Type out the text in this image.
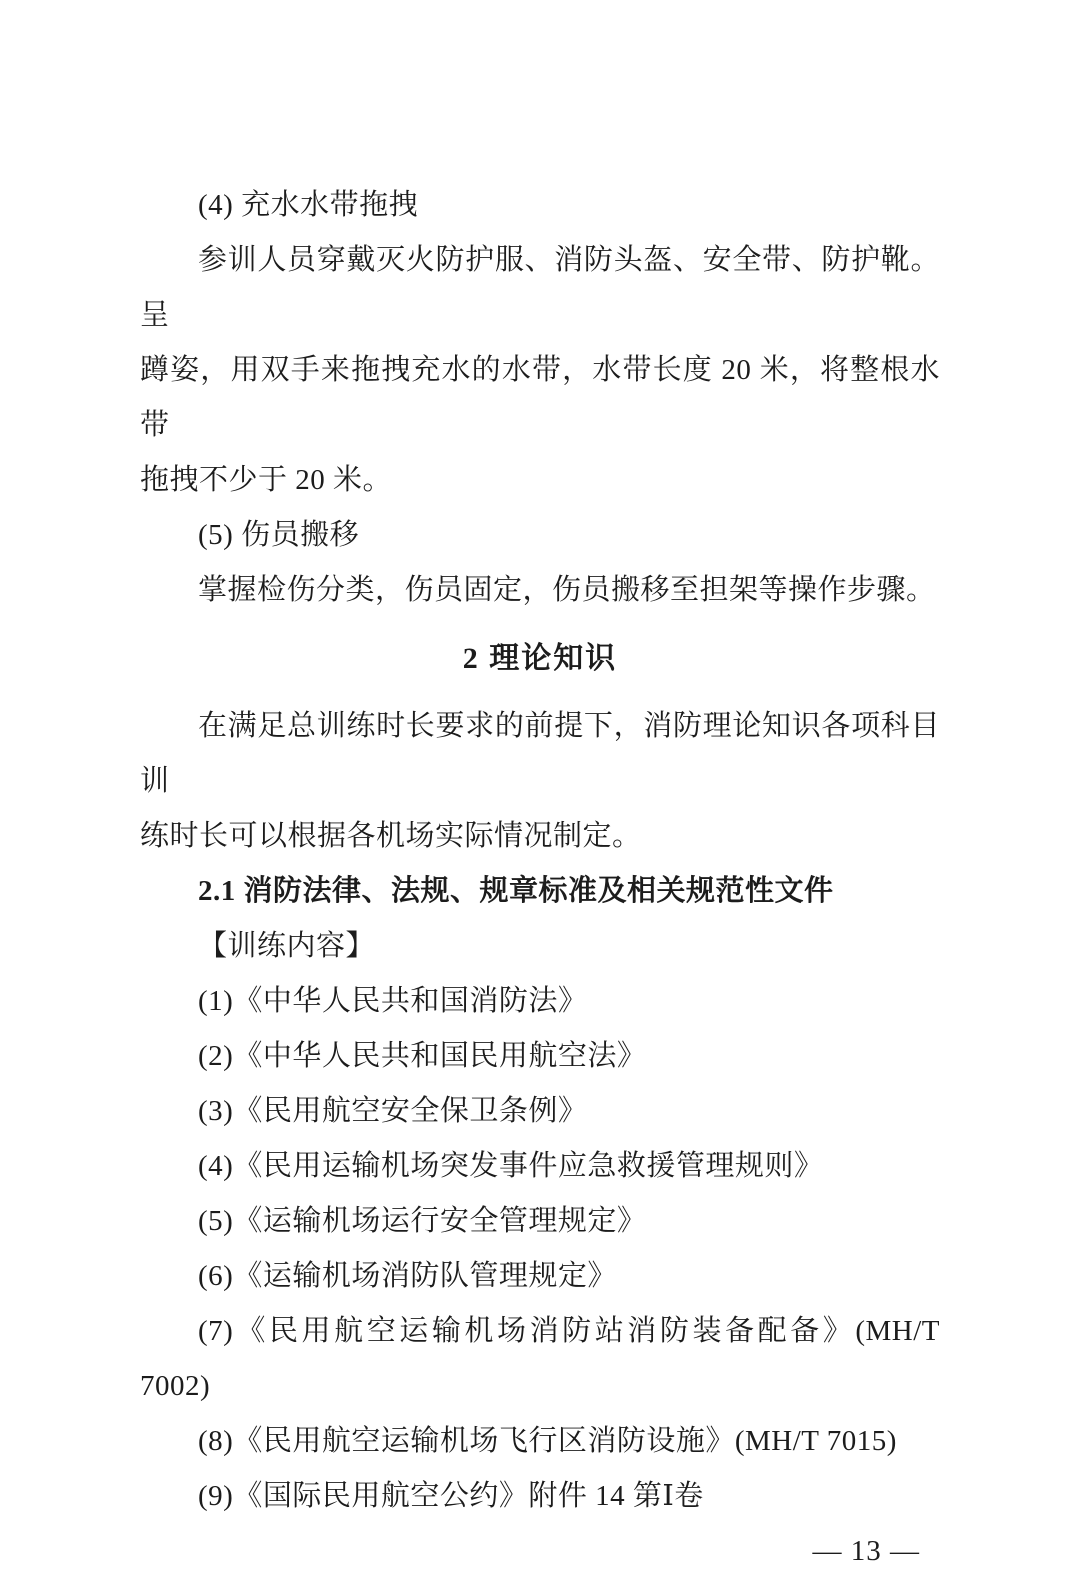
(4) 充水水带拖拽
参训人员穿戴灭火防护服、消防头盔、安全带、防护靴。呈
蹲姿，用双手来拖拽充水的水带，水带长度 20 米，将整根水带
拖拽不少于 20 米。
(5) 伤员搬移
掌握检伤分类，伤员固定，伤员搬移至担架等操作步骤。
2 理论知识
在满足总训练时长要求的前提下，消防理论知识各项科目训
练时长可以根据各机场实际情况制定。
2.1 消防法律、法规、规章标准及相关规范性文件
【训练内容】
(1)《中华人民共和国消防法》
(2)《中华人民共和国民用航空法》
(3)《民用航空安全保卫条例》
(4)《民用运输机场突发事件应急救援管理规则》
(5)《运输机场运行安全管理规定》
(6)《运输机场消防队管理规定》
(7)《民用航空运输机场消防站消防装备配备》(MH/T
7002)
(8)《民用航空运输机场飞行区消防设施》(MH/T 7015)
(9)《国际民用航空公约》附件 14 第Ⅰ卷
— 13 —
